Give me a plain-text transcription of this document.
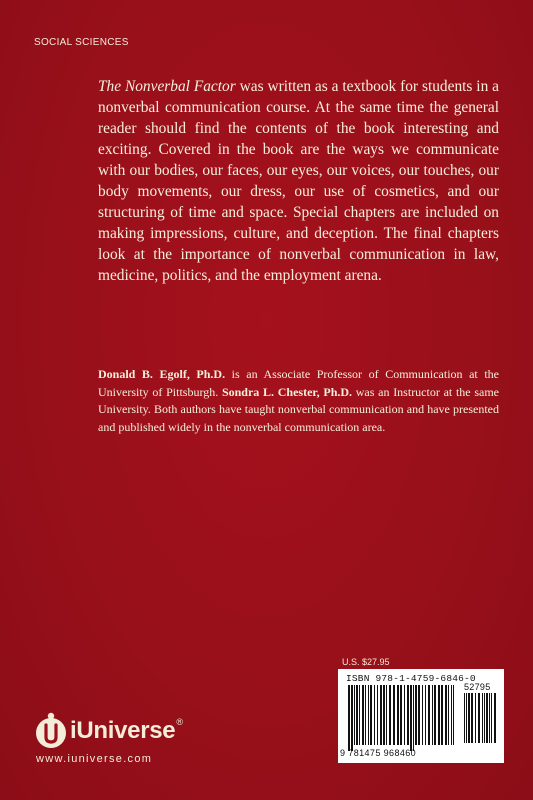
SOCIAL SCIENCES

The Nonverbal Factor was written as a textbook for students in a nonverbal communication course. At the same time the general reader should find the contents of the book interesting and exciting. Covered in the book are the ways we communicate with our bodies, our faces, our eyes, our voices, our touches, our body movements, our dress, our use of cosmetics, and our structuring of time and space. Special chapters are included on making impressions, culture, and deception. The final chapters look at the importance of nonverbal communication in law, medicine, politics, and the employment arena.

Donald B. Egolf, Ph.D. is an Associate Professor of Communication at the University of Pittsburgh. Sondra L. Chester, Ph.D. was an Instructor at the same University. Both authors have taught nonverbal communication and have presented and published widely in the nonverbal communication area.

U.S. $27.95
ISBN 978-1-4759-6846-0
9 781475 968460
52795
iUniverse®
www.iuniverse.com
